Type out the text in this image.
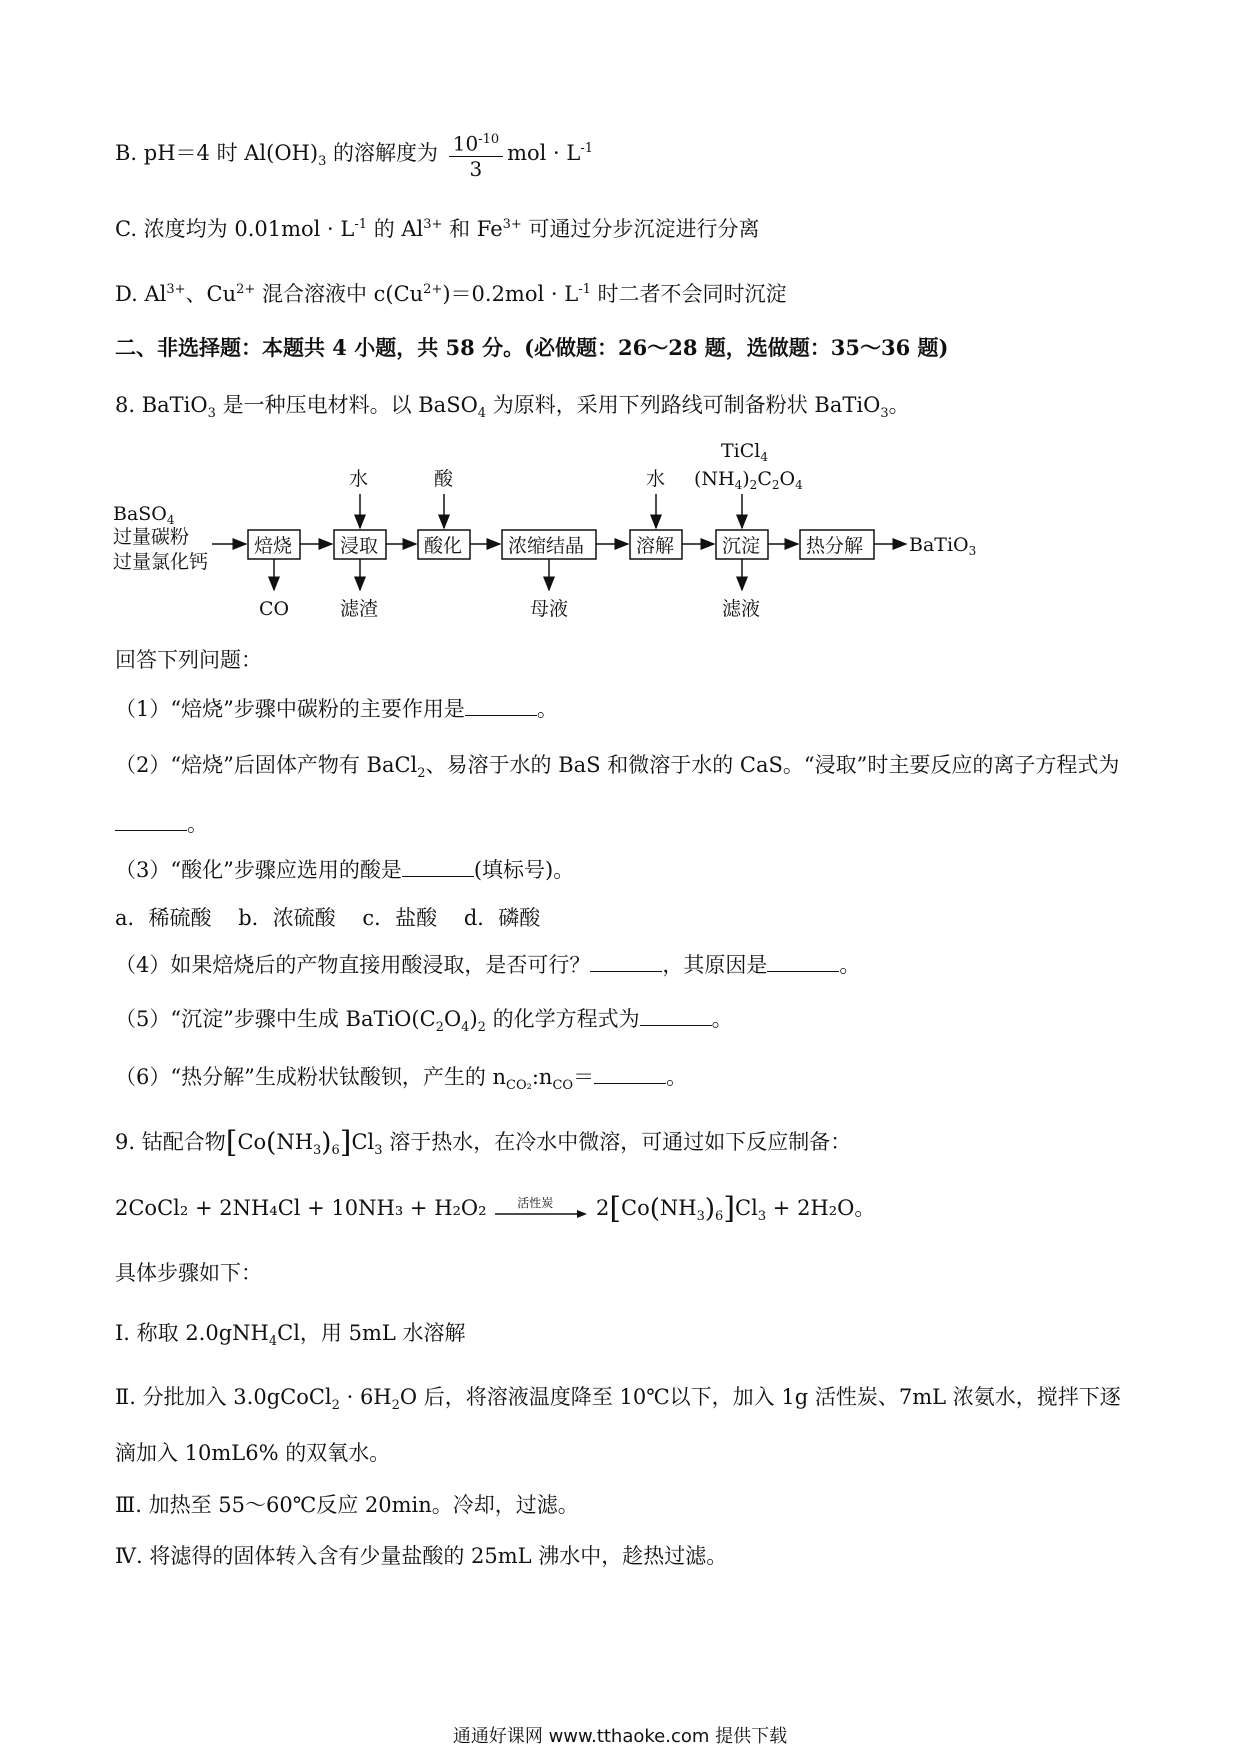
B. pH＝4 时 $Al(OH)_3$ 的溶解度为 $\frac{10^{-10}}{3}$ mol · $L^{-1}$
C. 浓度均为 $0.01mol \cdot L^{-1}$ 的 $Al^{3+}$ 和 $Fe^{3+}$ 可通过分步沉淀进行分离
D. $Al^{3+}$、$Cu^{2+}$ 混合溶液中 $c(Cu^{2+})=0.2mol \cdot L^{-1}$ 时二者不会同时沉淀
二、非选择题：本题共 4 小题，共 58 分。(必做题：26～28 题，选做题：35～36 题)
8. BaTiO$_3$ 是一种压电材料。以 BaSO$_4$ 为原料，采用下列路线可制备粉状 BaTiO$_3$。
BaSO$_4$
过量碳粉
过量氯化钙
焙烧	浸取 酸化 浓缩结晶	溶解	沉淀 热分解 BaTiO$_3$
水	酸	水
TiCl$_4$
$(NH_4)_2C_2O_4$
CO	滤渣	母液	滤液
回答下列问题：
（1）“焙烧”步骤中碳粉的主要作用是	。
（2）“焙烧”后固体产物有 BaCl$_2$、易溶于水的 BaS 和微溶于水的 CaS。“浸取”时主要反应的离子方程式为
。
（3）“酸化”步骤应选用的酸是	(填标号)。
a．稀硫酸    b．浓硫酸    c．盐酸    d．磷酸
（4）如果焙烧后的产物直接用酸浸取，是否可行？	，其原因是	。
（5）“沉淀”步骤中生成 $BaTiO(C_2O_4)_2$ 的化学方程式为	。
（6）“热分解”生成粉状钛酸钡，产生的 $n_{CO_2}:n_{CO}=$	。
9. 钴配合物$[Co(NH_3)_6]Cl_3$ 溶于热水，在冷水中微溶，可通过如下反应制备：
2CoCl₂ + 2NH₄Cl + 10NH₃ + H₂O₂	活性炭 $2[Co(NH_3)_6]Cl_3 + 2H_2O$。
具体步骤如下：
I. 称取 2.0gNH$_4$Cl，用 5mL 水溶解
Ⅱ. 分批加入 3.0gCoCl$_2$ · $6H_2O$ 后，将溶液温度降至 10℃以下，加入 1g 活性炭、7mL 浓氨水，搅拌下逐
滴加入 10mL6% 的双氧水。
Ⅲ. 加热至 55～60℃反应 20min。冷却，过滤。
Ⅳ. 将滤得的固体转入含有少量盐酸的 25mL 沸水中，趁热过滤。
通通好课网 www.tthaoke.com 提供下载
